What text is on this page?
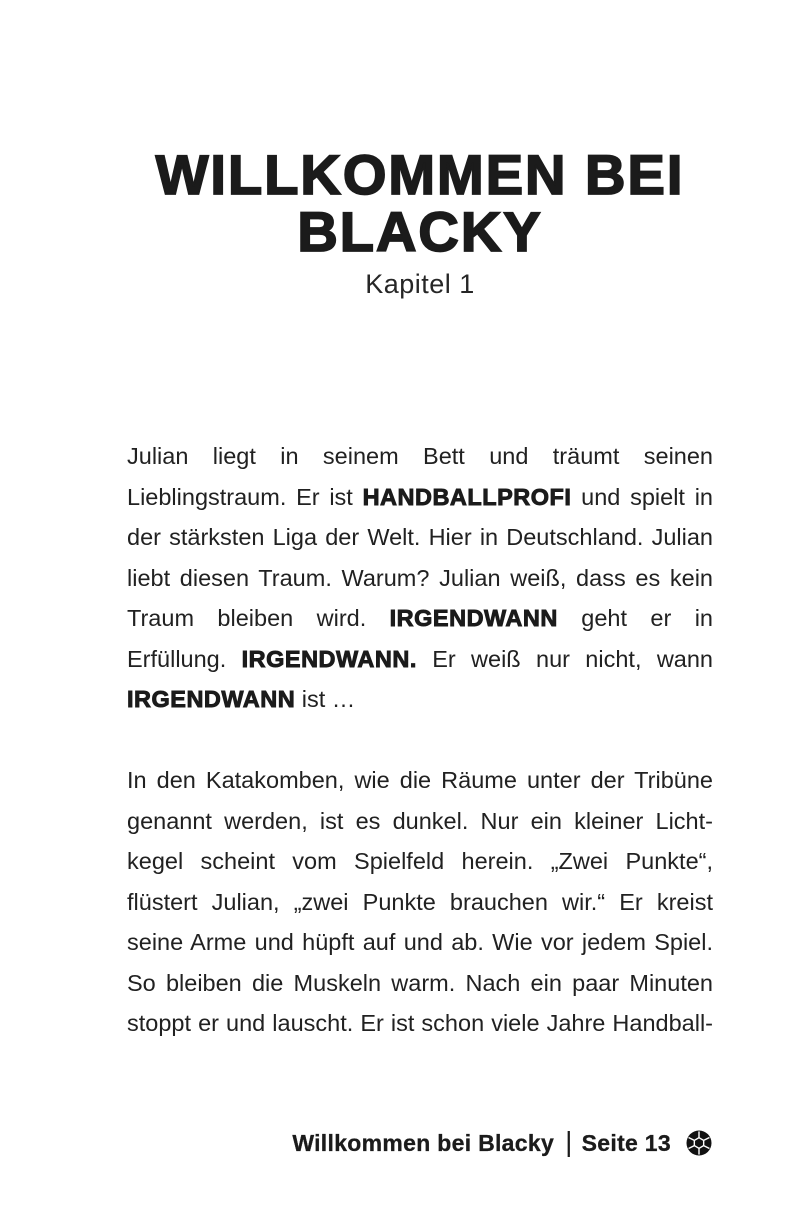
WILLKOMMEN BEI
BLACKY
Kapitel 1
Julian liegt in seinem Bett und träumt seinen
Lieblingstraum. Er ist HANDBALLPROFI und spielt in
der stärksten Liga der Welt. Hier in Deutschland. Julian
liebt diesen Traum. Warum? Julian weiß, dass es kein
Traum bleiben wird. IRGENDWANN geht er in
Erfüllung. IRGENDWANN. Er weiß nur nicht, wann
IRGENDWANN ist …
In den Katakomben, wie die Räume unter der Tribüne
genannt werden, ist es dunkel. Nur ein kleiner Licht-
kegel scheint vom Spielfeld herein. „Zwei Punkte“,
flüstert Julian, „zwei Punkte brauchen wir.“ Er kreist
seine Arme und hüpft auf und ab. Wie vor jedem Spiel.
So bleiben die Muskeln warm. Nach ein paar Minuten
stoppt er und lauscht. Er ist schon viele Jahre Handball-
Willkommen bei Blacky | Seite 13
